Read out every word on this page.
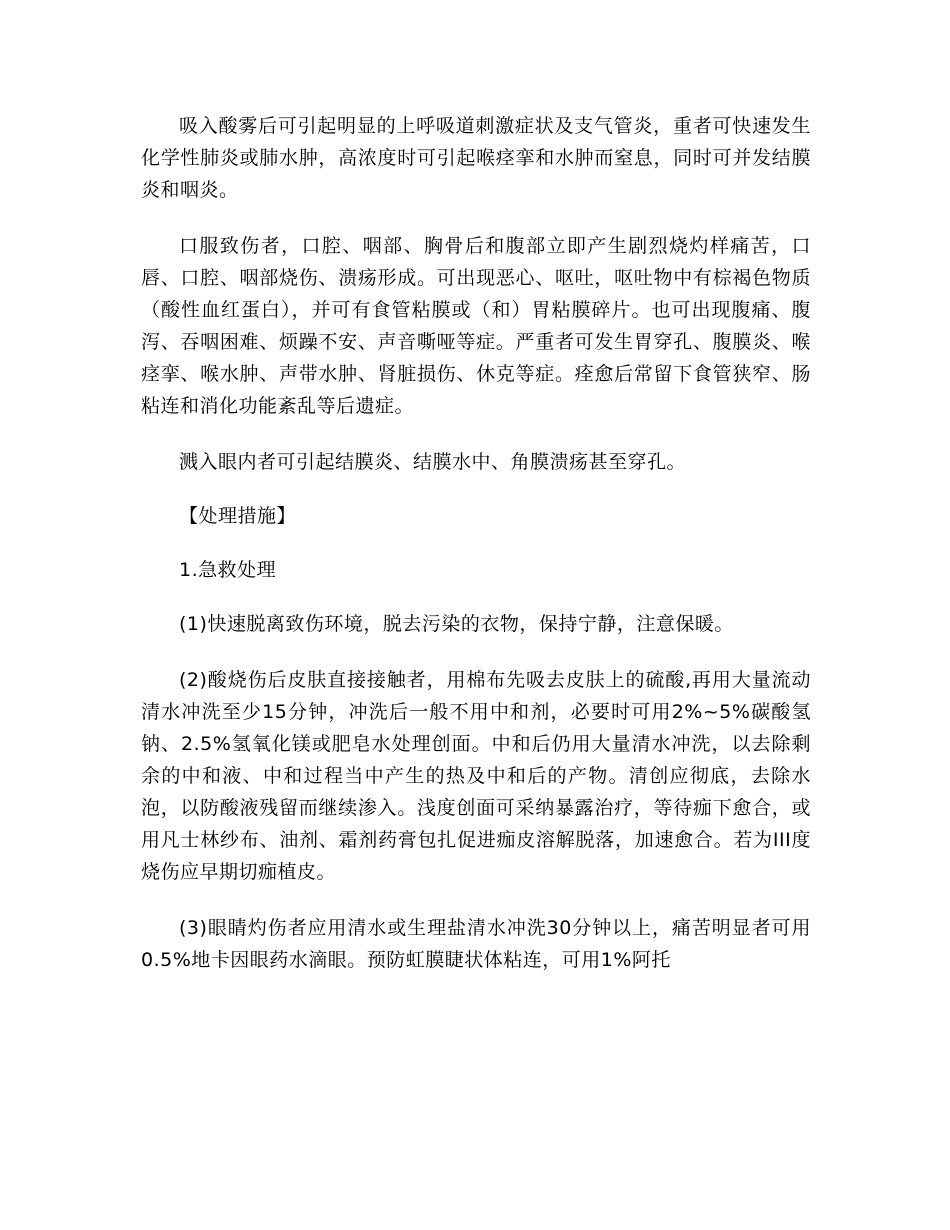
吸入酸雾后可引起明显的上呼吸道刺激症状及支气管炎，重者可快速发生化学性肺炎或肺水肿，高浓度时可引起喉痉挛和水肿而窒息，同时可并发结膜炎和咽炎。

口服致伤者，口腔、咽部、胸骨后和腹部立即产生剧烈烧灼样痛苦，口唇、口腔、咽部烧伤、溃疡形成。可出现恶心、呕吐，呕吐物中有棕褐色物质（酸性血红蛋白），并可有食管粘膜或（和）胃粘膜碎片。也可出现腹痛、腹泻、吞咽困难、烦躁不安、声音嘶哑等症。严重者可发生胃穿孔、腹膜炎、喉痉挛、喉水肿、声带水肿、肾脏损伤、休克等症。痊愈后常留下食管狭窄、肠粘连和消化功能紊乱等后遗症。

溅入眼内者可引起结膜炎、结膜水中、角膜溃疡甚至穿孔。

【处理措施】

1.急救处理

(1)快速脱离致伤环境，脱去污染的衣物，保持宁静，注意保暖。

(2)酸烧伤后皮肤直接接触者，用棉布先吸去皮肤上的硫酸,再用大量流动清水冲洗至少15分钟，冲洗后一般不用中和剂，必要时可用2%~5%碳酸氢钠、2.5%氢氧化镁或肥皂水处理创面。中和后仍用大量清水冲洗，以去除剩余的中和液、中和过程当中产生的热及中和后的产物。清创应彻底，去除水泡，以防酸液残留而继续渗入。浅度创面可采纳暴露治疗，等待痂下愈合，或用凡士林纱布、油剂、霜剂药膏包扎促进痂皮溶解脱落，加速愈合。若为III度烧伤应早期切痂植皮。

(3)眼睛灼伤者应用清水或生理盐清水冲洗30分钟以上，痛苦明显者可用0.5%地卡因眼药水滴眼。预防虹膜睫状体粘连，可用1%阿托
